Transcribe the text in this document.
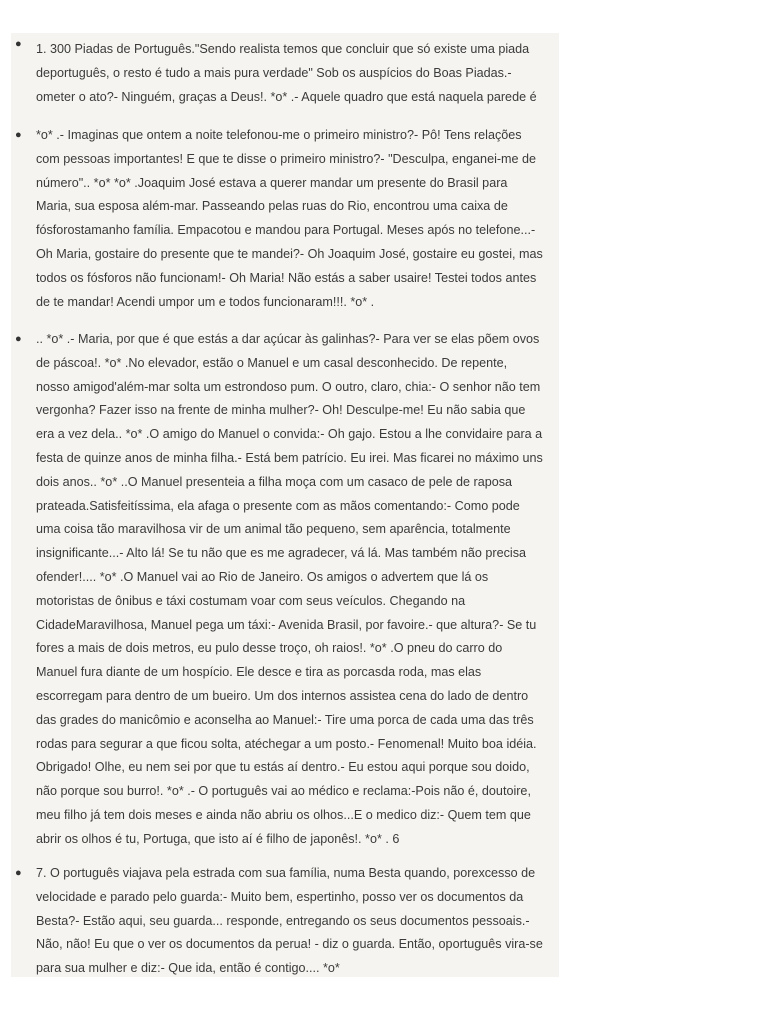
● 1. 300 Piadas de Português."Sendo realista temos que concluir que só existe uma piada
deportuguês, o resto é tudo a mais pura verdade" Sob os auspícios do Boas Piadas.-
ometer o ato?- Ninguém, graças a Deus!. *o* .- Aquele quadro que está naquela parede é
● *o* .- Imaginas que ontem a noite telefonou-me o primeiro ministro?- Pô! Tens relações
com pessoas importantes! E que te disse o primeiro ministro?- "Desculpa, enganei-me de
número".. *o* *o* .Joaquim José estava a querer mandar um presente do Brasil para
Maria, sua esposa além-mar. Passeando pelas ruas do Rio, encontrou uma caixa de
fósforostamanho família. Empacotou e mandou para Portugal. Meses após no telefone...-
Oh Maria, gostaire do presente que te mandei?- Oh Joaquim José, gostaire eu gostei, mas
todos os fósforos não funcionam!- Oh Maria! Não estás a saber usaire! Testei todos antes
de te mandar! Acendi umpor um e todos funcionaram!!!. *o* .
● .. *o* .- Maria, por que é que estás a dar açúcar às galinhas?- Para ver se elas põem ovos
de páscoa!. *o* .No elevador, estão o Manuel e um casal desconhecido. De repente,
nosso amigod'além-mar solta um estrondoso pum. O outro, claro, chia:- O senhor não tem
vergonha? Fazer isso na frente de minha mulher?- Oh! Desculpe-me! Eu não sabia que
era a vez dela.. *o* .O amigo do Manuel o convida:- Oh gajo. Estou a lhe convidaire para a
festa de quinze anos de minha filha.- Está bem patrício. Eu irei. Mas ficarei no máximo uns
dois anos.. *o* ..O Manuel presenteia a filha moça com um casaco de pele de raposa
prateada.Satisfeitíssima, ela afaga o presente com as mãos comentando:- Como pode
uma coisa tão maravilhosa vir de um animal tão pequeno, sem aparência, totalmente
insignificante...- Alto lá! Se tu não que es me agradecer, vá lá. Mas também não precisa
ofender!.... *o* .O Manuel vai ao Rio de Janeiro. Os amigos o advertem que lá os
motoristas de ônibus e táxi costumam voar com seus veículos. Chegando na
CidadeMaravilhosa, Manuel pega um táxi:- Avenida Brasil, por favoire.- que altura?- Se tu
fores a mais de dois metros, eu pulo desse troço, oh raios!. *o* .O pneu do carro do
Manuel fura diante de um hospício. Ele desce e tira as porcasda roda, mas elas
escorregam para dentro de um bueiro. Um dos internos assistea cena do lado de dentro
das grades do manicômio e aconselha ao Manuel:- Tire uma porca de cada uma das três
rodas para segurar a que ficou solta, atéchegar a um posto.- Fenomenal! Muito boa idéia.
Obrigado! Olhe, eu nem sei por que tu estás aí dentro.- Eu estou aqui porque sou doido,
não porque sou burro!. *o* .- O português vai ao médico e reclama:-Pois não é, doutoire,
meu filho já tem dois meses e ainda não abriu os olhos...E o medico diz:- Quem tem que
abrir os olhos é tu, Portuga, que isto aí é filho de japonês!. *o* . 6
● 7. O português viajava pela estrada com sua família, numa Besta quando, porexcesso de
velocidade e parado pelo guarda:- Muito bem, espertinho, posso ver os documentos da
Besta?- Estão aqui, seu guarda... responde, entregando os seus documentos pessoais.-
Não, não! Eu que o ver os documentos da perua! - diz o guarda. Então, oportuguês vira-se
para sua mulher e diz:- Que ida, então é contigo.... *o*
